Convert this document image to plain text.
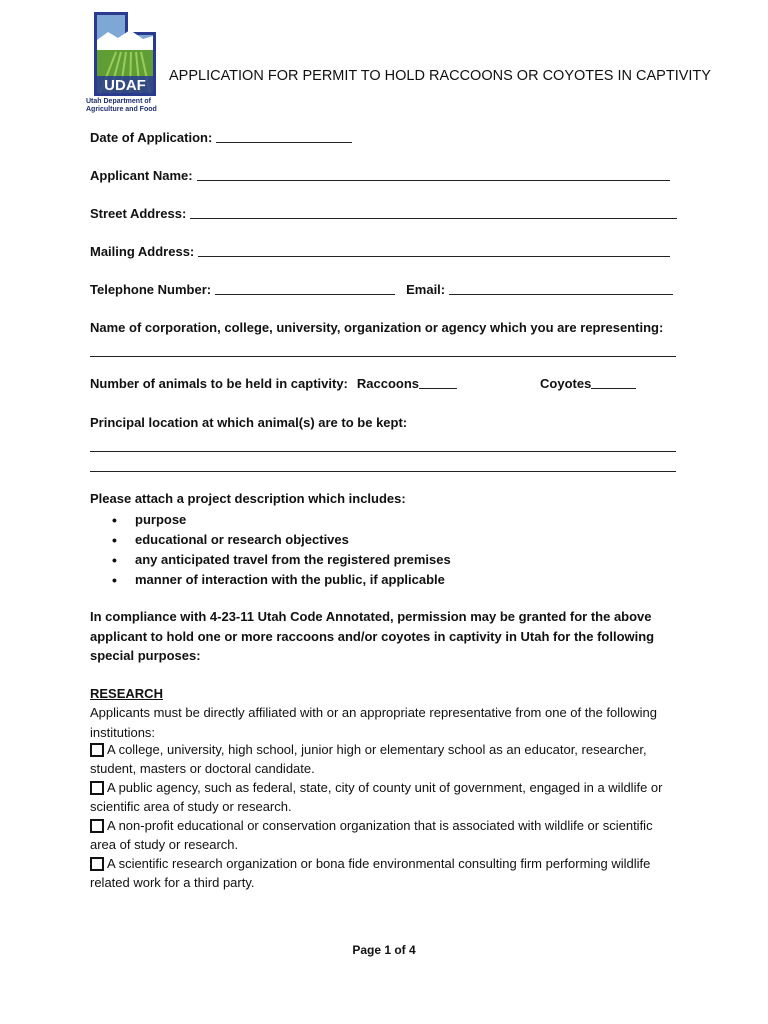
UDAF
Utah Department of Agriculture and Food
APPLICATION FOR PERMIT TO HOLD RACCOONS OR COYOTES IN CAPTIVITY
Date of Application:
Applicant Name:
Street Address:
Mailing Address:
Telephone Number:	Email:
Name of corporation, college, university, organization or agency which you are representing:
Number of animals to be held in captivity: Raccoons	Coyotes
Principal location at which animal(s) are to be kept:
Please attach a project description which includes:
• purpose
• educational or research objectives
• any anticipated travel from the registered premises
• manner of interaction with the public, if applicable
In compliance with 4-23-11 Utah Code Annotated, permission may be granted for the above applicant to hold one or more raccoons and/or coyotes in captivity in Utah for the following special purposes:
RESEARCH
Applicants must be directly affiliated with or an appropriate representative from one of the following institutions:
A college, university, high school, junior high or elementary school as an educator, researcher, student, masters or doctoral candidate.
A public agency, such as federal, state, city of county unit of government, engaged in a wildlife or scientific area of study or research.
A non-profit educational or conservation organization that is associated with wildlife or scientific area of study or research.
A scientific research organization or bona fide environmental consulting firm performing wildlife related work for a third party.
Page 1 of 4
